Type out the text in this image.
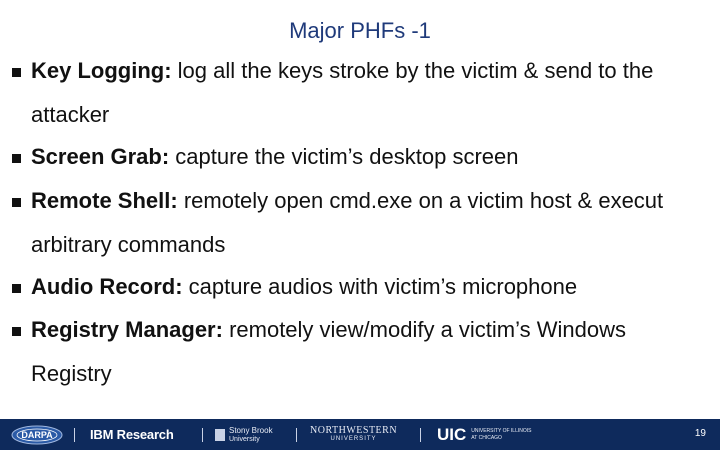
Major PHFs -1
Key Logging: log all the keys stroke by the victim & send to the
attacker
Screen Grab: capture the victim’s desktop screen
Remote Shell: remotely open cmd.exe on a victim host & execut
arbitrary commands
Audio Record: capture audios with victim’s microphone
Registry Manager: remotely view/modify a victim’s Windows
Registry
DARPA	IBM Research	Stony Brook
University
NORTHWESTERN
UNIVERSITY	UIC UNIVERSITY OF ILLINOIS
AT CHICAGO	19
